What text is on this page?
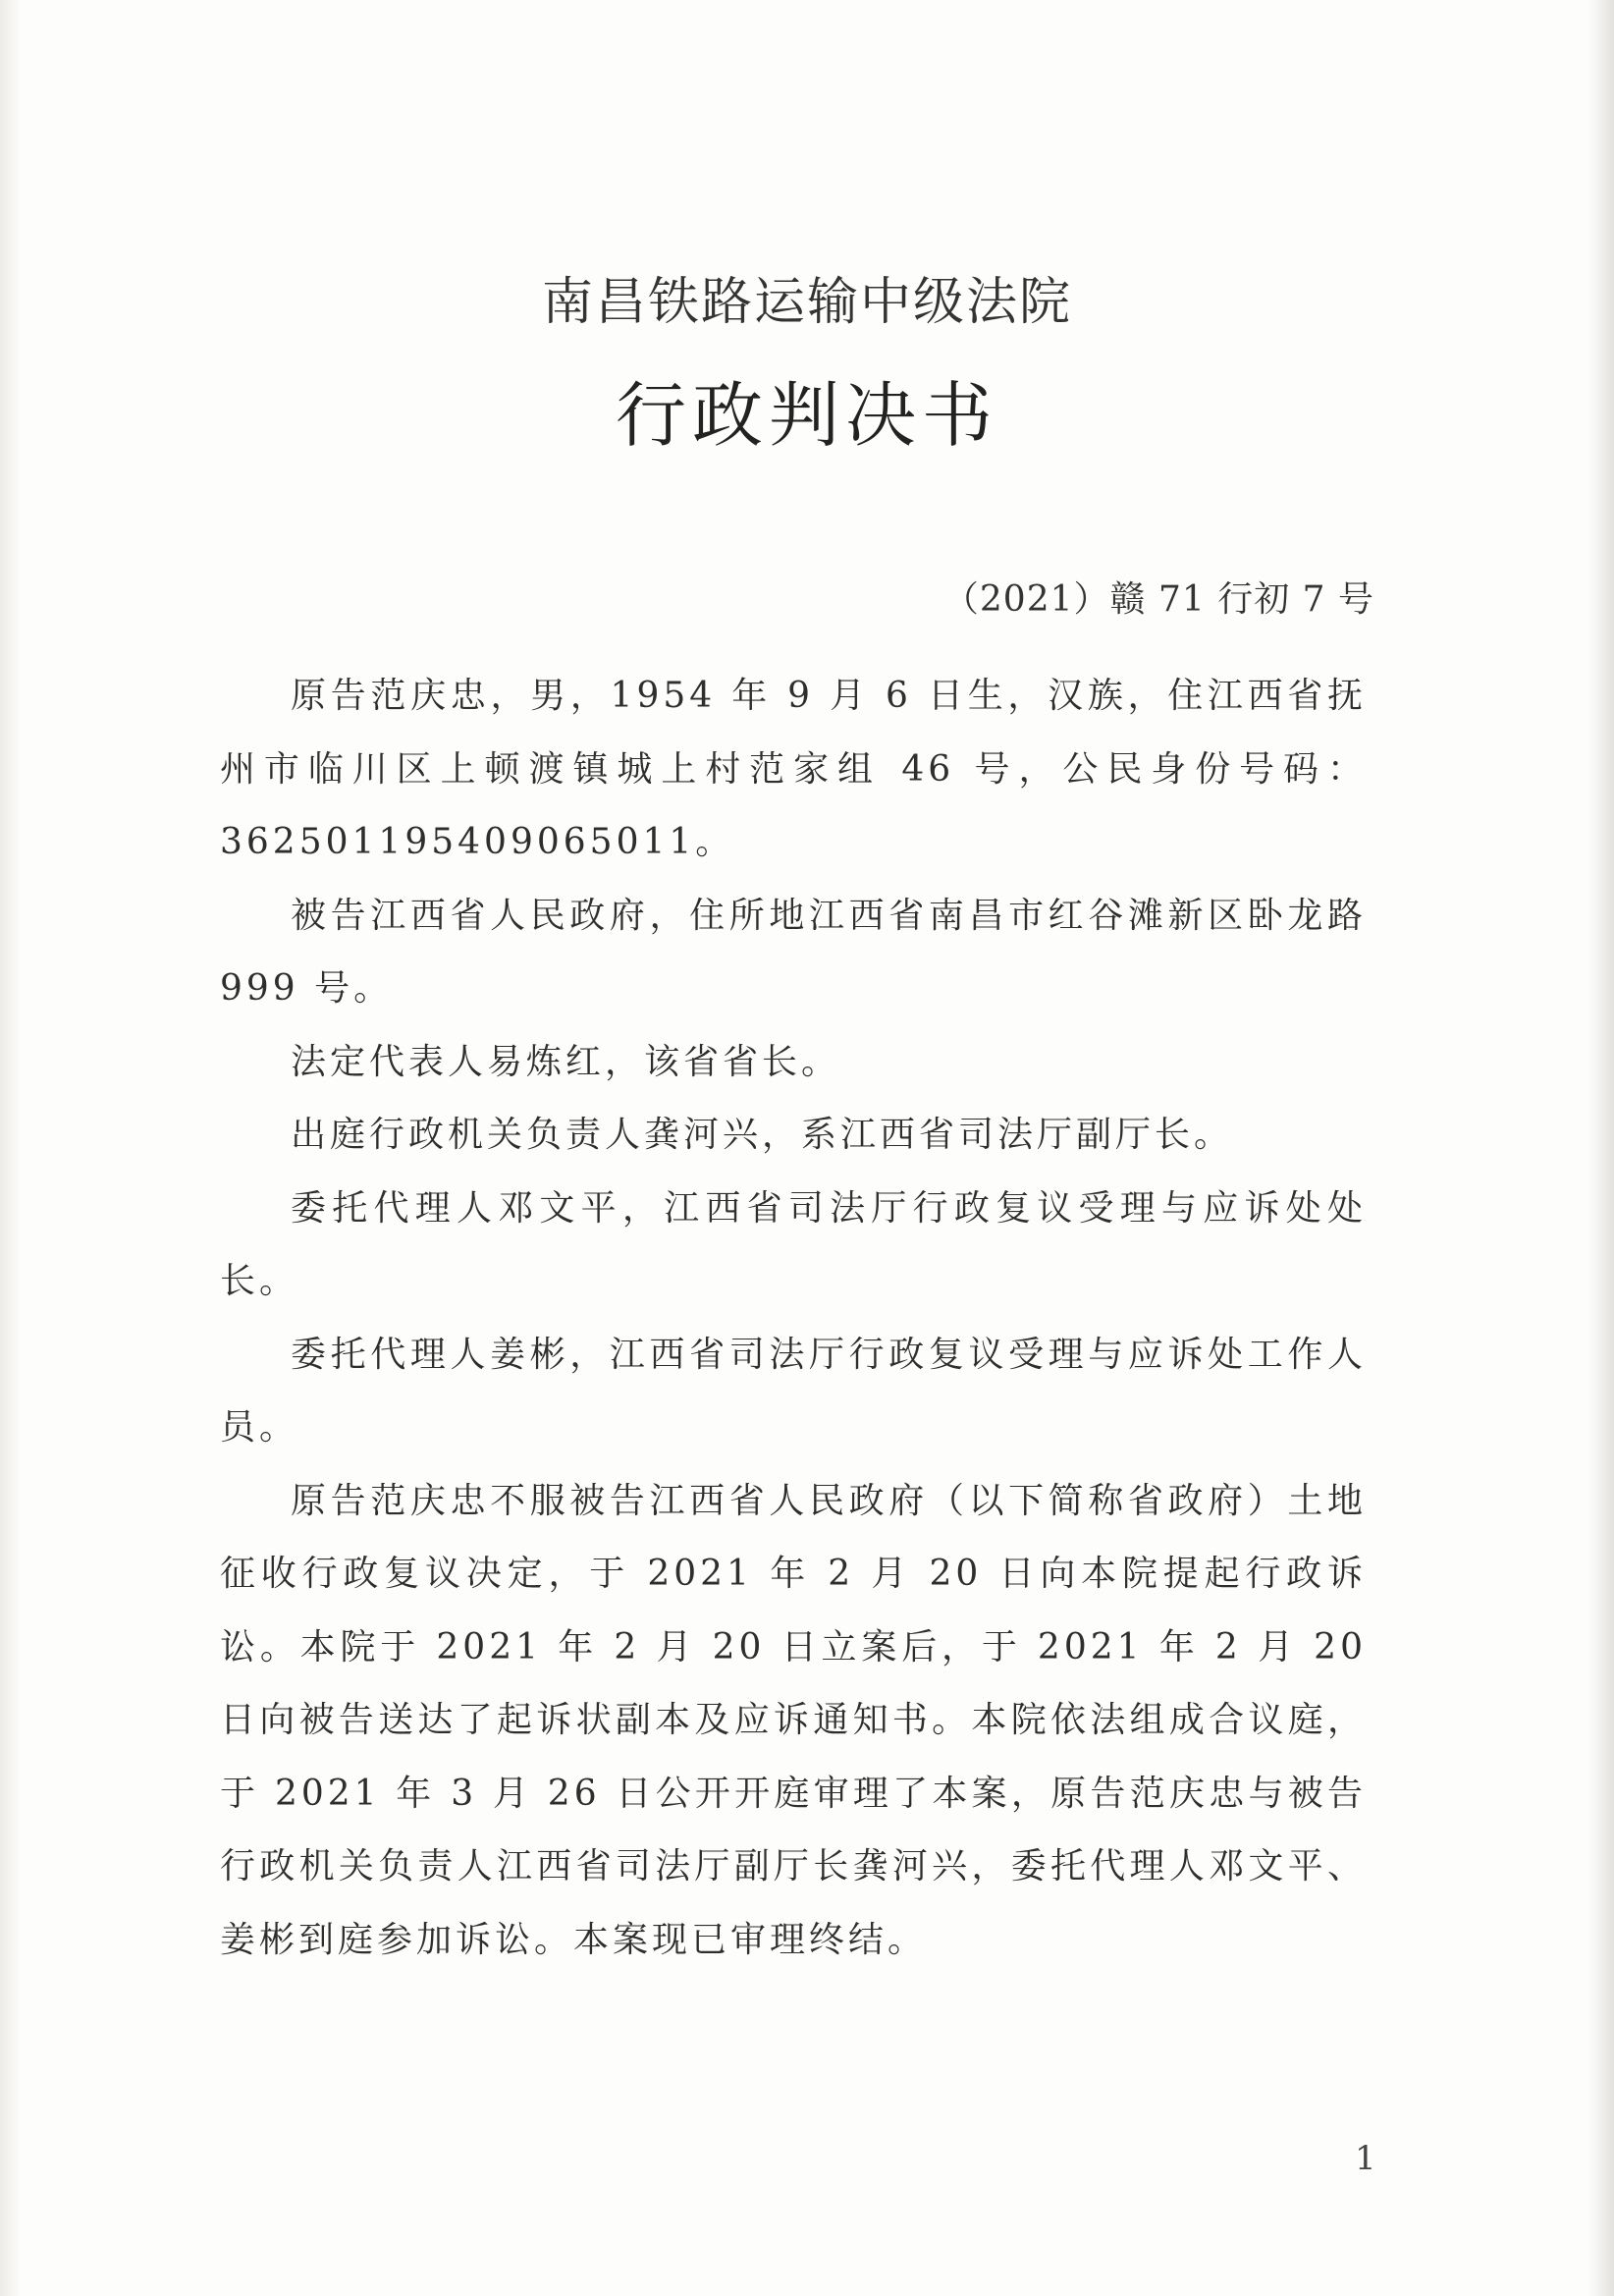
南昌铁路运输中级法院
行政判决书
（2021）赣 71 行初 7 号

原告范庆忠，男，1954 年 9 月 6 日生，汉族，住江西省抚州市临川区上顿渡镇城上村范家组 46 号，公民身份号码：362501195409065011。

被告江西省人民政府，住所地江西省南昌市红谷滩新区卧龙路 999 号。

法定代表人易炼红，该省省长。

出庭行政机关负责人龚河兴，系江西省司法厅副厅长。

委托代理人邓文平，江西省司法厅行政复议受理与应诉处处长。

委托代理人姜彬，江西省司法厅行政复议受理与应诉处工作人员。

原告范庆忠不服被告江西省人民政府（以下简称省政府）土地征收行政复议决定，于 2021 年 2 月 20 日向本院提起行政诉讼。本院于 2021 年 2 月 20 日立案后，于 2021 年 2 月 20 日向被告送达了起诉状副本及应诉通知书。本院依法组成合议庭，于 2021 年 3 月 26 日公开开庭审理了本案，原告范庆忠与被告行政机关负责人江西省司法厅副厅长龚河兴，委托代理人邓文平、姜彬到庭参加诉讼。本案现已审理终结。

1
